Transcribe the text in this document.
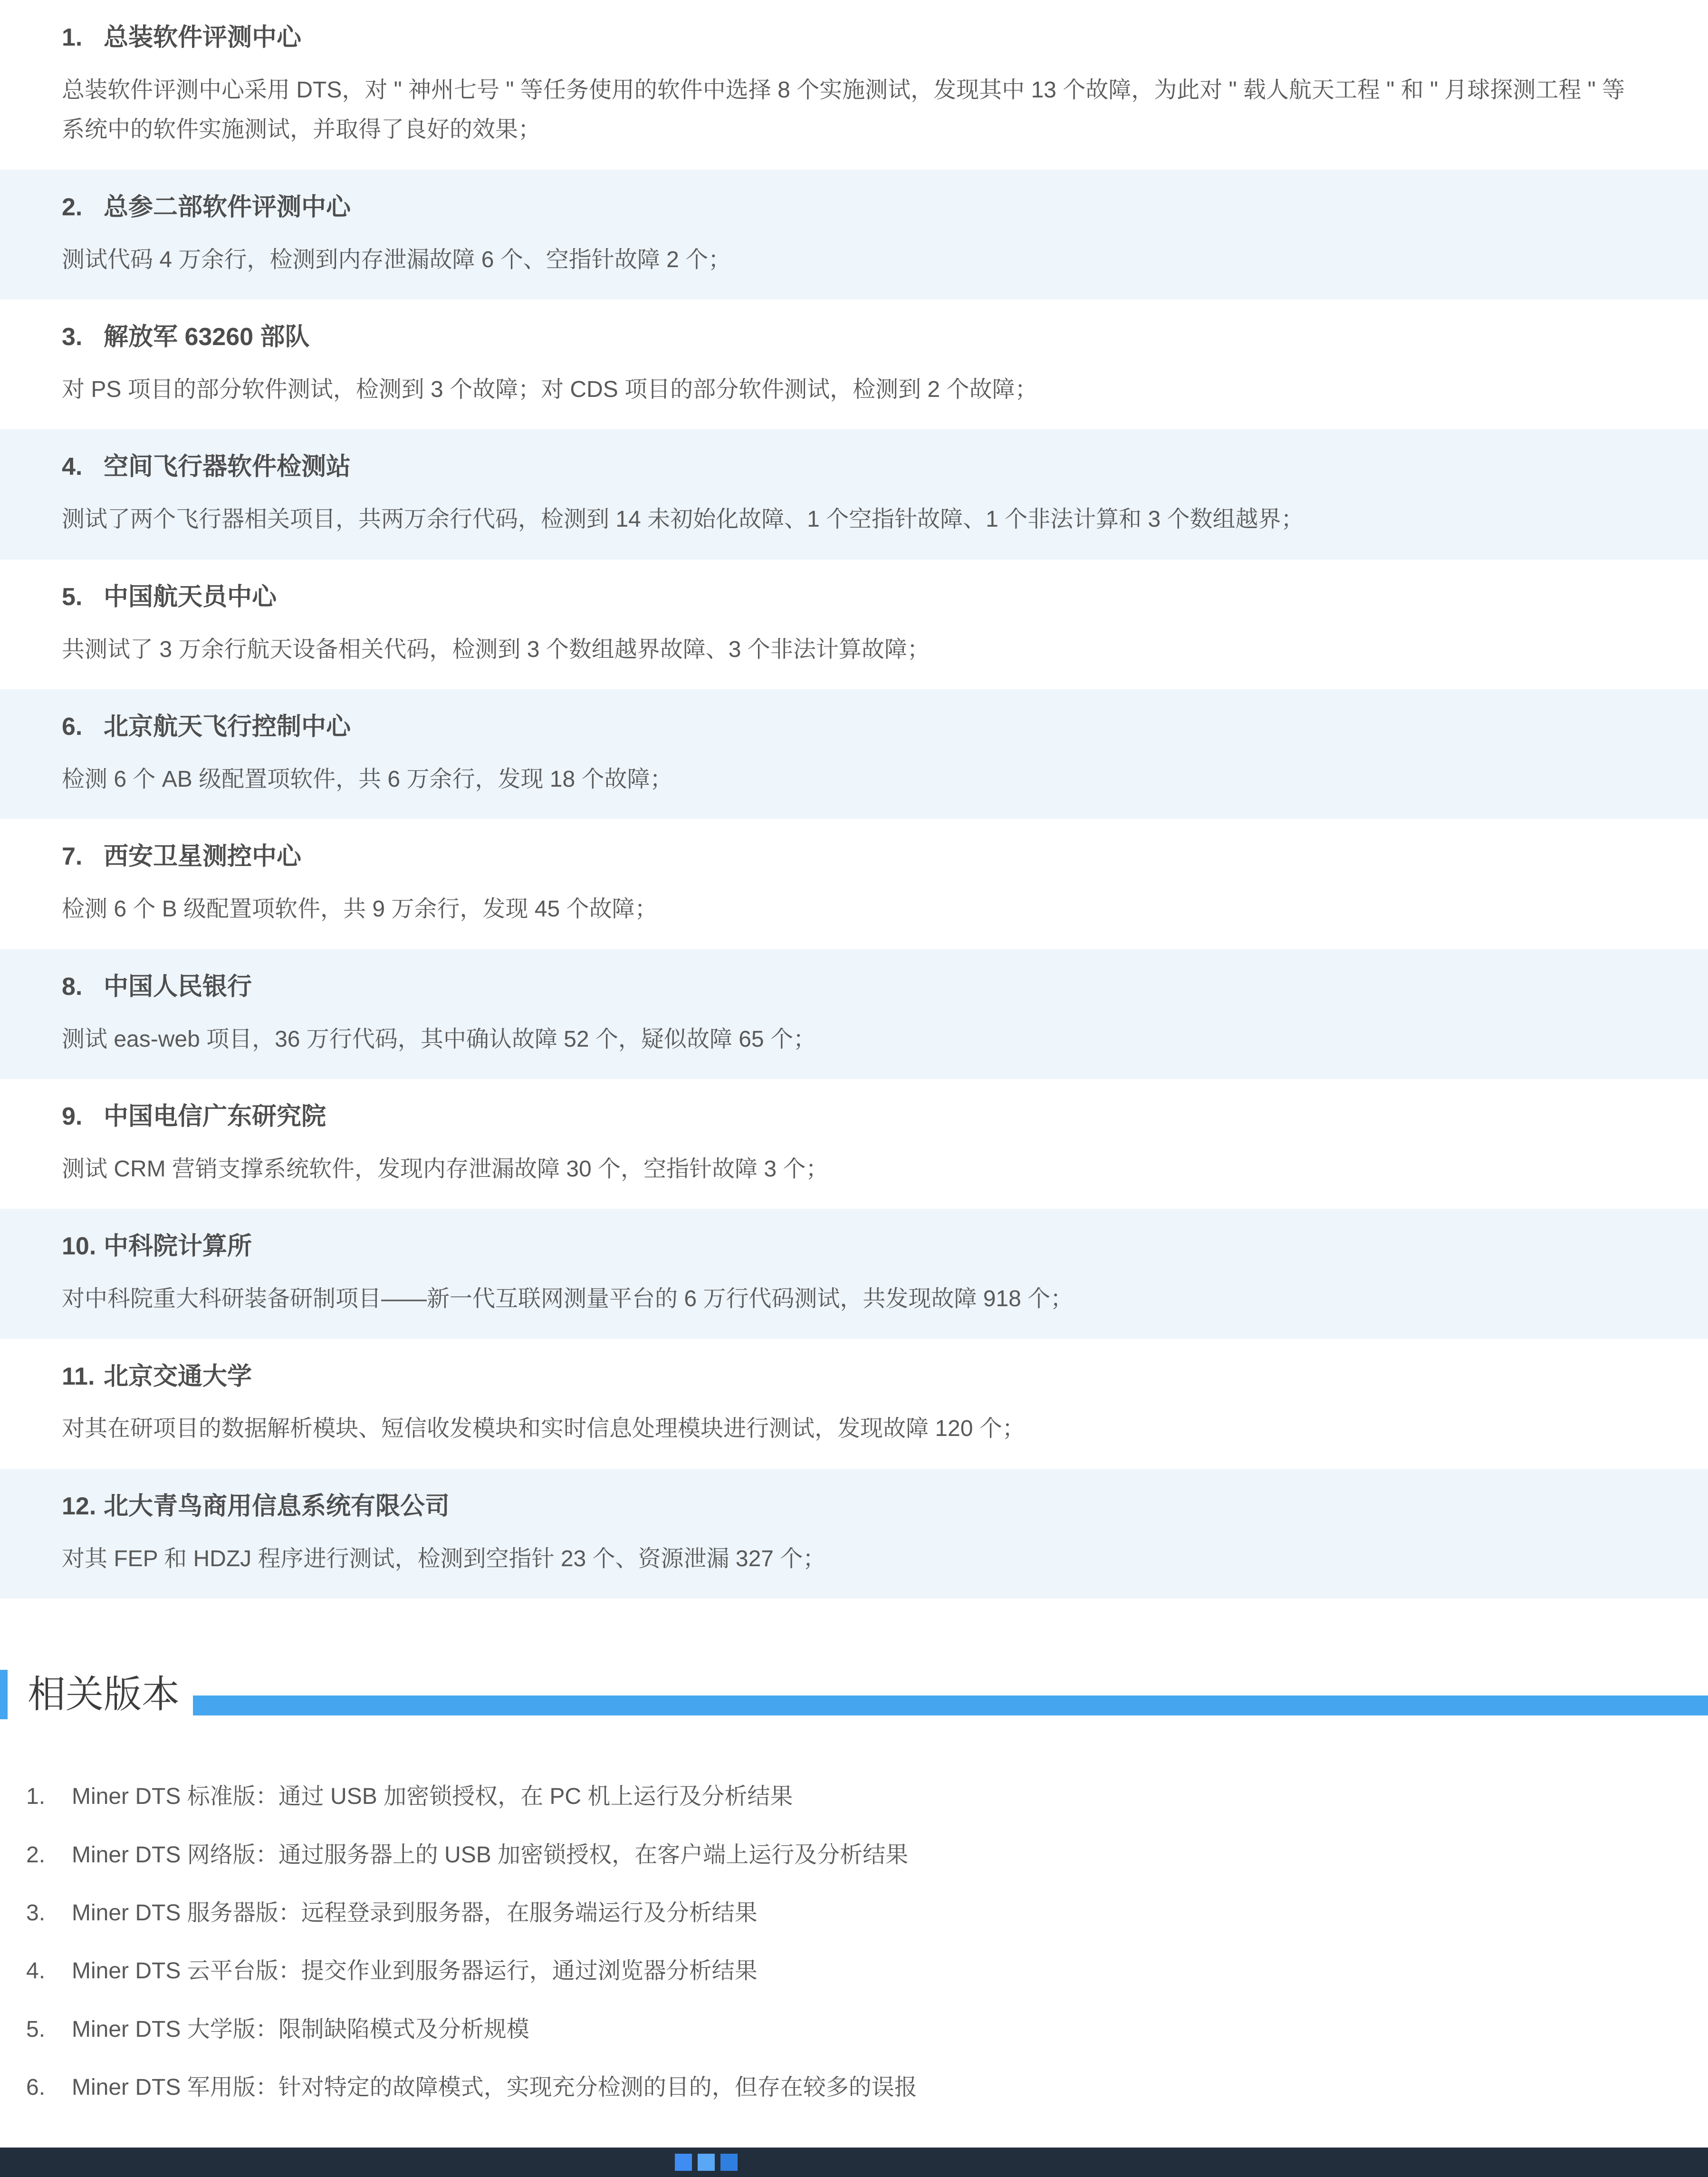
1. 总装软件评测中心

总装软件评测中心采用 DTS，对 " 神州七号 " 等任务使用的软件中选择 8 个实施测试，发现其中 13 个故障，为此对 " 载人航天工程 " 和 " 月球探测工程 " 等系统中的软件实施测试，并取得了良好的效果；

2. 总参二部软件评测中心

测试代码 4 万余行，检测到内存泄漏故障 6 个、空指针故障 2 个；

3. 解放军 63260 部队

对 PS 项目的部分软件测试，检测到 3 个故障；对 CDS 项目的部分软件测试，检测到 2 个故障；

4. 空间飞行器软件检测站

测试了两个飞行器相关项目，共两万余行代码，检测到 14 未初始化故障、1 个空指针故障、1 个非法计算和 3 个数组越界；

5. 中国航天员中心

共测试了 3 万余行航天设备相关代码，检测到 3 个数组越界故障、3 个非法计算故障；

6. 北京航天飞行控制中心

检测 6 个 AB 级配置项软件，共 6 万余行，发现 18 个故障；

7. 西安卫星测控中心

检测 6 个 B 级配置项软件，共 9 万余行，发现 45 个故障；

8. 中国人民银行

测试 eas-web 项目，36 万行代码，其中确认故障 52 个，疑似故障 65 个；

9. 中国电信广东研究院

测试 CRM 营销支撑系统软件，发现内存泄漏故障 30 个，空指针故障 3 个；

10. 中科院计算所

对中科院重大科研装备研制项目——新一代互联网测量平台的 6 万行代码测试，共发现故障 918 个；

11. 北京交通大学

对其在研项目的数据解析模块、短信收发模块和实时信息处理模块进行测试，发现故障 120 个；

12. 北大青鸟商用信息系统有限公司

对其 FEP 和 HDZJ 程序进行测试，检测到空指针 23 个、资源泄漏 327 个；

相关版本
1.	Miner DTS 标准版：通过 USB 加密锁授权，在 PC 机上运行及分析结果
2.	Miner DTS 网络版：通过服务器上的 USB 加密锁授权，在客户端上运行及分析结果
3.	Miner DTS 服务器版：远程登录到服务器，在服务端运行及分析结果
4.	Miner DTS 云平台版：提交作业到服务器运行，通过浏览器分析结果
5.	Miner DTS 大学版：限制缺陷模式及分析规模
6.	Miner DTS 军用版：针对特定的故障模式，实现充分检测的目的，但存在较多的误报
